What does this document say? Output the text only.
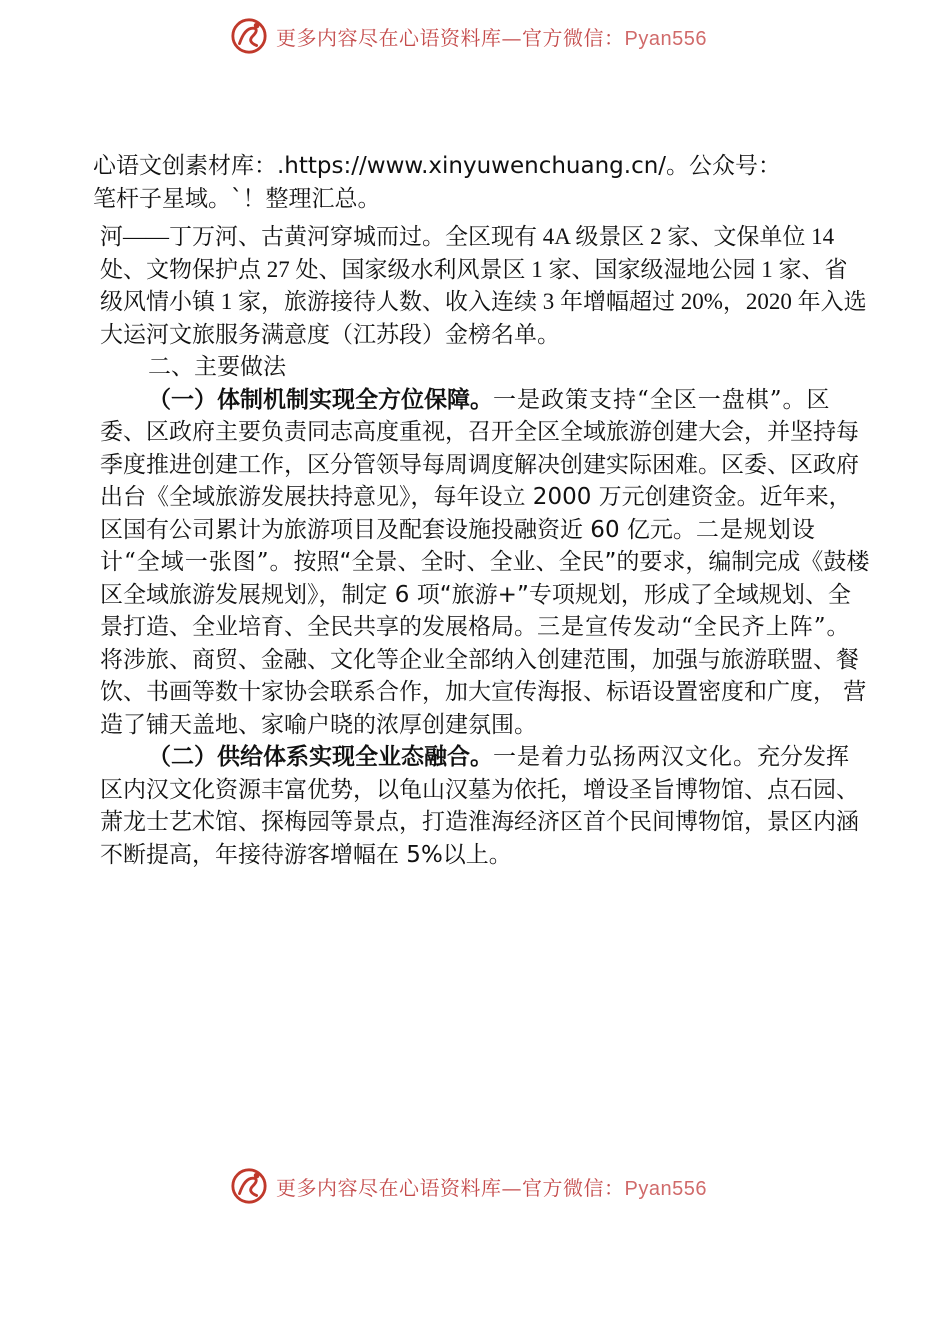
更多内容尽在心语资料库—官方微信：Pyan556
心语文创素材库：.https://www.xinyuwenchuang.cn/。公众号：
笔杆子星域。`！整理汇总。

河——丁万河、古黄河穿城而过。全区现有 4A 级景区 2 家、文保单位 14 处、文物保护点 27 处、国家级水利风景区 1 家、国家级湿地公园 1 家、省级风情小镇 1 家，旅游接待人数、收入连续 3 年增幅超过 20%，2020 年入选大运河文旅服务满意度（江苏段）金榜名单。

二、主要做法

（一）体制机制实现全方位保障。一是政策支持“全区一盘棋”。区委、区政府主要负责同志高度重视，召开全区全域旅游创建大会，并坚持每季度推进创建工作，区分管领导每周调度解决创建实际困难。区委、区政府出台《全域旅游发展扶持意见》，每年设立 2000 万元创建资金。近年来，区国有公司累计为旅游项目及配套设施投融资近 60 亿元。二是规划设计“全域一张图”。按照“全景、全时、全业、全民”的要求，编制完成《鼓楼区全域旅游发展规划》，制定 6 项“旅游+”专项规划，形成了全域规划、全景打造、全业培育、全民共享的发展格局。三是宣传发动“全民齐上阵”。将涉旅、商贸、金融、文化等企业全部纳入创建范围，加强与旅游联盟、餐饮、书画等数十家协会联系合作，加大宣传海报、标语设置密度和广度， 营造了铺天盖地、家喻户晓的浓厚创建氛围。

（二）供给体系实现全业态融合。一是着力弘扬两汉文化。充分发挥区内汉文化资源丰富优势，以龟山汉墓为依托，增设圣旨博物馆、点石园、萧龙士艺术馆、探梅园等景点，打造淮海经济区首个民间博物馆，景区内涵不断提高，年接待游客增幅在 5%以上。

更多内容尽在心语资料库—官方微信：Pyan556
